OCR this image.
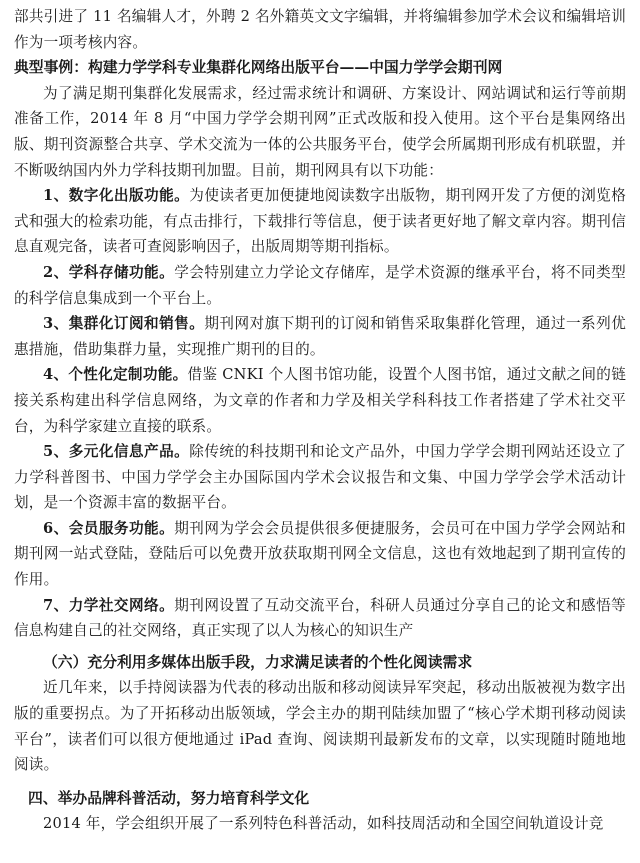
部共引进了 11 名编辑人才，外聘 2 名外籍英文文字编辑，并将编辑参加学术会议和编辑培训作为一项考核内容。

典型事例：构建力学学科专业集群化网络出版平台——中国力学学会期刊网

为了满足期刊集群化发展需求，经过需求统计和调研、方案设计、网站调试和运行等前期准备工作，2014 年 8 月“中国力学学会期刊网”正式改版和投入使用。这个平台是集网络出版、期刊资源整合共享、学术交流为一体的公共服务平台，使学会所属期刊形成有机联盟，并不断吸纳国内外力学科技期刊加盟。目前，期刊网具有以下功能：

1、数字化出版功能。为使读者更加便捷地阅读数字出版物，期刊网开发了方便的浏览格式和强大的检索功能，有点击排行，下载排行等信息，便于读者更好地了解文章内容。期刊信息直观完备，读者可查阅影响因子，出版周期等期刊指标。

2、学科存储功能。学会特别建立力学论文存储库，是学术资源的继承平台，将不同类型的科学信息集成到一个平台上。

3、集群化订阅和销售。期刊网对旗下期刊的订阅和销售采取集群化管理，通过一系列优惠措施，借助集群力量，实现推广期刊的目的。

4、个性化定制功能。借鉴 CNKI 个人图书馆功能，设置个人图书馆，通过文献之间的链接关系构建出科学信息网络，为文章的作者和力学及相关学科科技工作者搭建了学术社交平台，为科学家建立直接的联系。

5、多元化信息产品。除传统的科技期刊和论文产品外，中国力学学会期刊网站还设立了力学科普图书、中国力学学会主办国际国内学术会议报告和文集、中国力学学会学术活动计划，是一个资源丰富的数据平台。

6、会员服务功能。期刊网为学会会员提供很多便捷服务，会员可在中国力学学会网站和期刊网一站式登陆，登陆后可以免费开放获取期刊网全文信息，这也有效地起到了期刊宣传的作用。

7、力学社交网络。期刊网设置了互动交流平台，科研人员通过分享自己的论文和感悟等信息构建自己的社交网络，真正实现了以人为核心的知识生产

（六）充分利用多媒体出版手段，力求满足读者的个性化阅读需求

近几年来，以手持阅读器为代表的移动出版和移动阅读异军突起，移动出版被视为数字出版的重要拐点。为了开拓移动出版领域，学会主办的期刊陆续加盟了“核心学术期刊移动阅读平台”，读者们可以很方便地通过 iPad 查询、阅读期刊最新发布的文章，以实现随时随地地阅读。

四、举办品牌科普活动，努力培育科学文化

2014 年，学会组织开展了一系列特色科普活动，如科技周活动和全国空间轨道设计竞
